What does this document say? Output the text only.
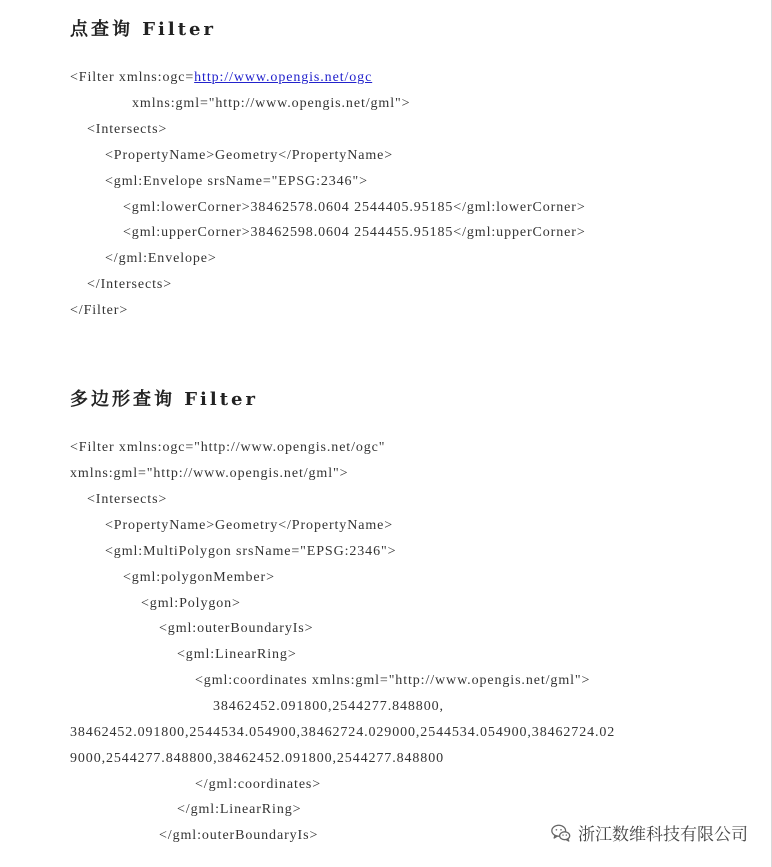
点查询 Filter
<Filter xmlns:ogc=http://www.opengis.net/ogc
xmlns:gml="http://www.opengis.net/gml">
<Intersects>
<PropertyName>Geometry</PropertyName>
<gml:Envelope srsName="EPSG:2346">
<gml:lowerCorner>38462578.0604 2544405.95185</gml:lowerCorner>
<gml:upperCorner>38462598.0604 2544455.95185</gml:upperCorner>
</gml:Envelope>
</Intersects>
</Filter>
多边形查询 Filter
<Filter xmlns:ogc="http://www.opengis.net/ogc"
xmlns:gml="http://www.opengis.net/gml">
<Intersects>
<PropertyName>Geometry</PropertyName>
<gml:MultiPolygon srsName="EPSG:2346">
<gml:polygonMember>
<gml:Polygon>
<gml:outerBoundaryIs>
<gml:LinearRing>
<gml:coordinates xmlns:gml="http://www.opengis.net/gml">
38462452.091800,2544277.848800,
38462452.091800,2544534.054900,38462724.029000,2544534.054900,38462724.02
9000,2544277.848800,38462452.091800,2544277.848800
</gml:coordinates>
</gml:LinearRing>
</gml:outerBoundaryIs>	浙江数维科技有限公司
